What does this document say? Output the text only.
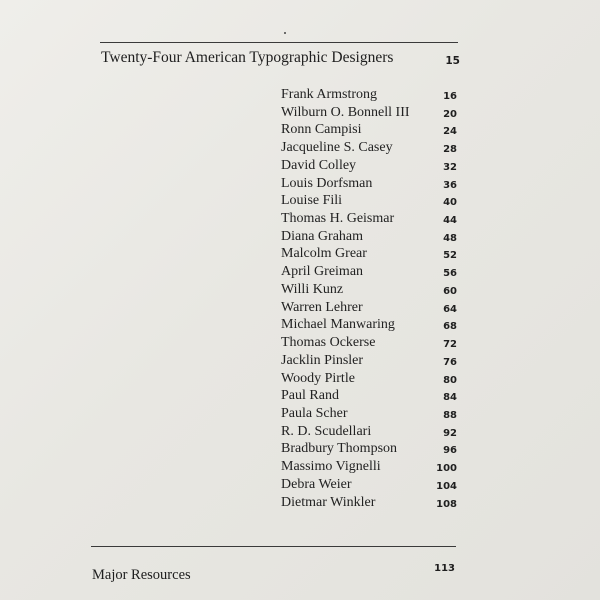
Twenty-Four American Typographic Designers	15
Frank Armstrong	16
Wilburn O. Bonnell III	20
Ronn Campisi	24
Jacqueline S. Casey	28
David Colley	32
Louis Dorfsman	36
Louise Fili	40
Thomas H. Geismar	44
Diana Graham	48
Malcolm Grear	52
April Greiman	56
Willi Kunz	60
Warren Lehrer	64
Michael Manwaring	68
Thomas Ockerse	72
Jacklin Pinsler	76
Woody Pirtle	80
Paul Rand	84
Paula Scher	88
R. D. Scudellari	92
Bradbury Thompson	96
Massimo Vignelli	100
Debra Weier	104
Dietmar Winkler	108
Major Resources	113
